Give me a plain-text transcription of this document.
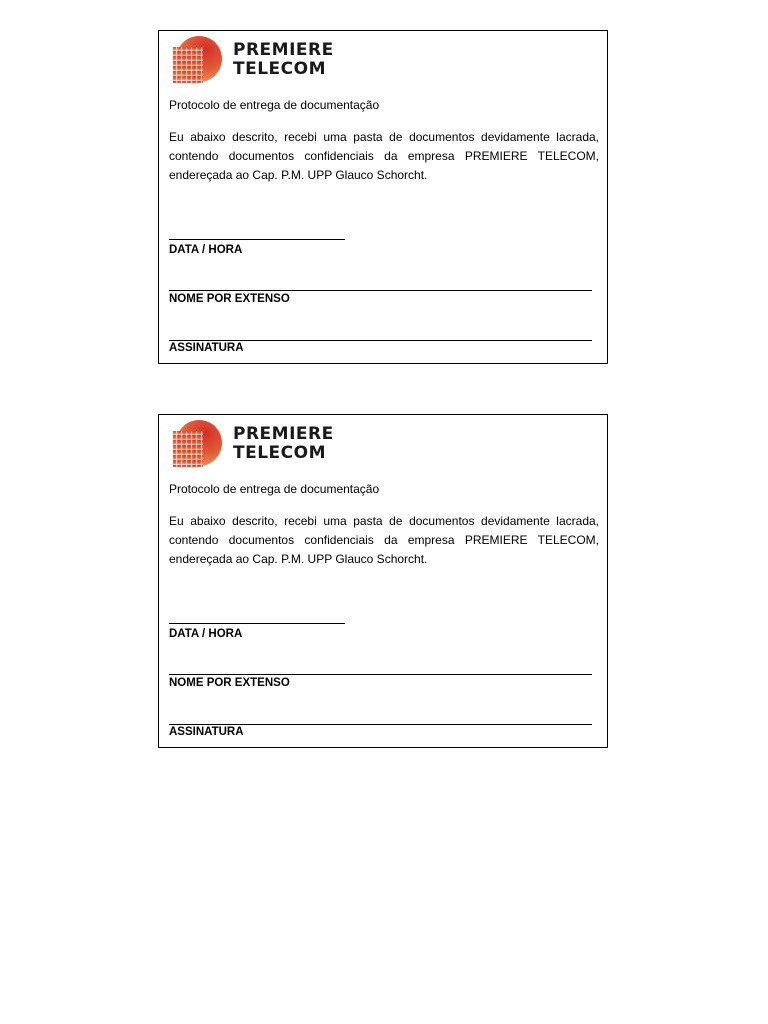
PREMIERE
TELECOM
Protocolo de entrega de documentação

Eu abaixo descrito, recebi uma pasta de documentos devidamente lacrada, contendo documentos confidenciais da empresa PREMIERE TELECOM, endereçada ao Cap. P.M. UPP Glauco Schorcht.

DATA / HORA
NOME POR EXTENSO
ASSINATURA
PREMIERE
TELECOM
Protocolo de entrega de documentação

Eu abaixo descrito, recebi uma pasta de documentos devidamente lacrada, contendo documentos confidenciais da empresa PREMIERE TELECOM, endereçada ao Cap. P.M. UPP Glauco Schorcht.

DATA / HORA
NOME POR EXTENSO
ASSINATURA
